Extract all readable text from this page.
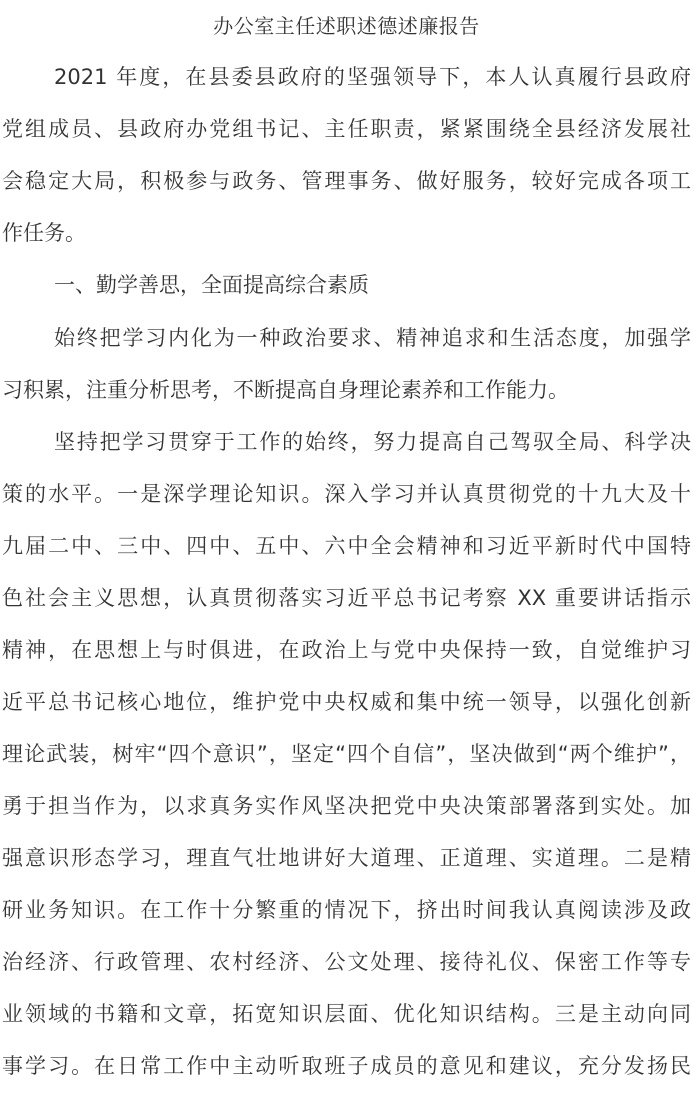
办公室主任述职述德述廉报告
2021 年度，在县委县政府的坚强领导下，本人认真履行县政府
党组成员、县政府办党组书记、主任职责，紧紧围绕全县经济发展社
会稳定大局，积极参与政务、管理事务、做好服务，较好完成各项工
作任务。
一、勤学善思，全面提高综合素质
始终把学习内化为一种政治要求、精神追求和生活态度，加强学
习积累，注重分析思考，不断提高自身理论素养和工作能力。
坚持把学习贯穿于工作的始终，努力提高自己驾驭全局、科学决
策的水平。一是深学理论知识。深入学习并认真贯彻党的十九大及十
九届二中、三中、四中、五中、六中全会精神和习近平新时代中国特
色社会主义思想，认真贯彻落实习近平总书记考察 XX 重要讲话指示
精神，在思想上与时俱进，在政治上与党中央保持一致，自觉维护习
近平总书记核心地位，维护党中央权威和集中统一领导，以强化创新
理论武装，树牢“四个意识”，坚定“四个自信”，坚决做到“两个维护”，
勇于担当作为，以求真务实作风坚决把党中央决策部署落到实处。加
强意识形态学习，理直气壮地讲好大道理、正道理、实道理。二是精
研业务知识。在工作十分繁重的情况下，挤出时间我认真阅读涉及政
治经济、行政管理、农村经济、公文处理、接待礼仪、保密工作等专
业领域的书籍和文章，拓宽知识层面、优化知识结构。三是主动向同
事学习。在日常工作中主动听取班子成员的意见和建议，充分发扬民
